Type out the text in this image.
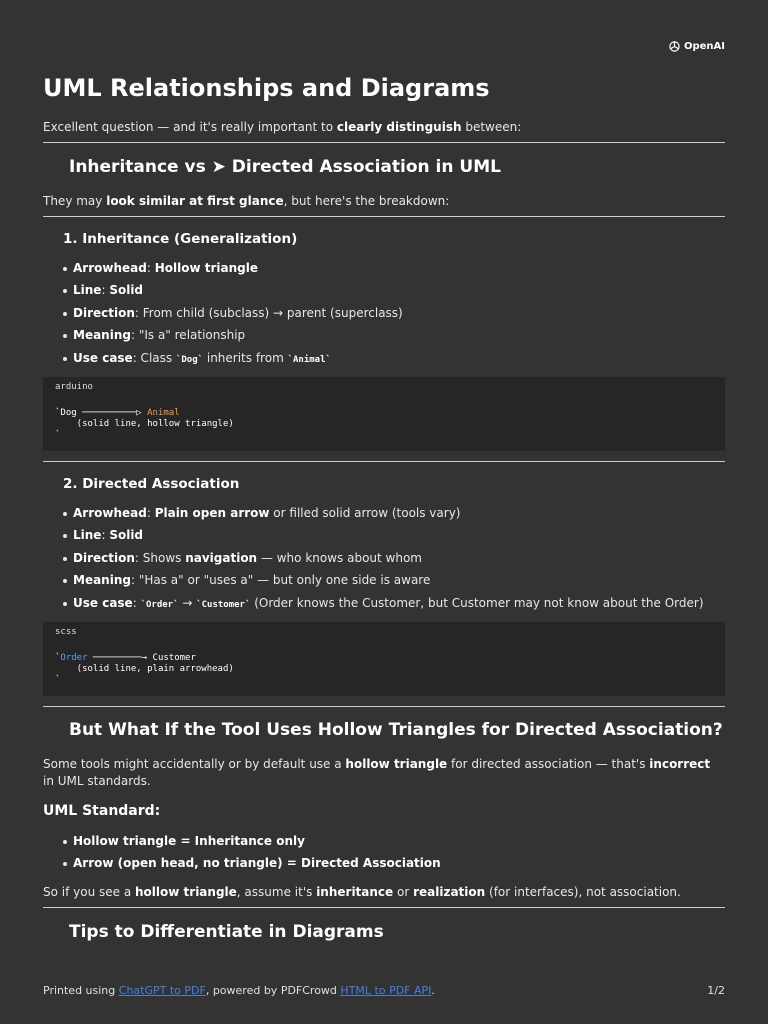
OpenAI
UML Relationships and Diagrams

Excellent question — and it's really important to clearly distinguish between:

Inheritance vs ➤ Directed Association in UML

They may look similar at first glance, but here's the breakdown:

1. Inheritance (Generalization)
Arrowhead: Hollow triangle
Line: Solid
Direction: From child (subclass) → parent (superclass)
Meaning: "Is a" relationship
Use case: Class `Dog` inherits from `Animal`
arduino
`Dog ──────────▷ Animal
(solid line, hollow triangle)
`
2. Directed Association
Arrowhead: Plain open arrow or filled solid arrow (tools vary)
Line: Solid
Direction: Shows navigation — who knows about whom
Meaning: "Has a" or "uses a" — but only one side is aware
Use case: `Order` → `Customer` (Order knows the Customer, but Customer may not know about the Order)
scss
`Order ─────────→ Customer
(solid line, plain arrowhead)
`
But What If the Tool Uses Hollow Triangles for Directed Association?

Some tools might accidentally or by default use a hollow triangle for directed association — that's incorrect in UML standards.

UML Standard:
Hollow triangle = Inheritance only
Arrow (open head, no triangle) = Directed Association

So if you see a hollow triangle, assume it's inheritance or realization (for interfaces), not association.

Tips to Differentiate in Diagrams
Printed using ChatGPT to PDF, powered by PDFCrowd HTML to PDF API.	1/2
